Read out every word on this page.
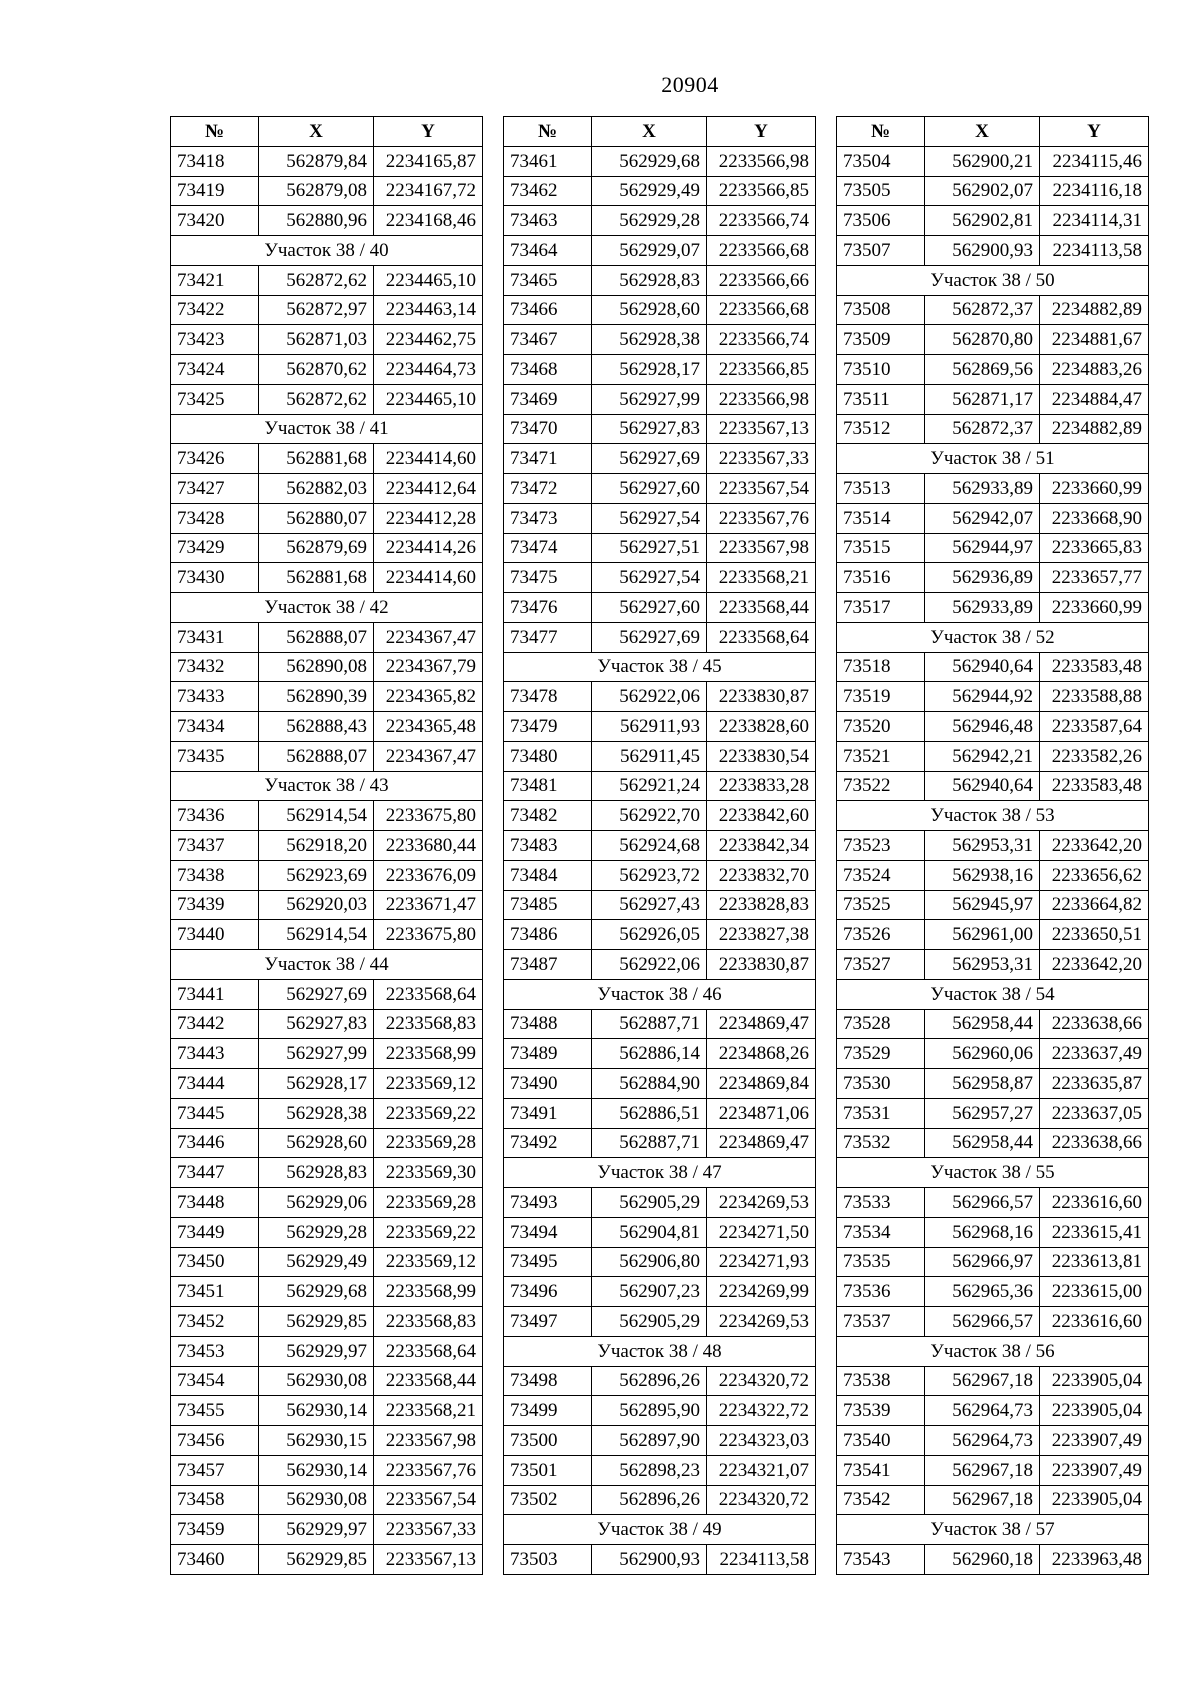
20904
№	X	Y
73418	562879,84	2234165,87
73419	562879,08	2234167,72
73420	562880,96	2234168,46
Участок 38 / 40		
73421	562872,62	2234465,10
73422	562872,97	2234463,14
73423	562871,03	2234462,75
73424	562870,62	2234464,73
73425	562872,62	2234465,10
Участок 38 / 41		
73426	562881,68	2234414,60
73427	562882,03	2234412,64
73428	562880,07	2234412,28
73429	562879,69	2234414,26
73430	562881,68	2234414,60
Участок 38 / 42		
73431	562888,07	2234367,47
73432	562890,08	2234367,79
73433	562890,39	2234365,82
73434	562888,43	2234365,48
73435	562888,07	2234367,47
Участок 38 / 43		
73436	562914,54	2233675,80
73437	562918,20	2233680,44
73438	562923,69	2233676,09
73439	562920,03	2233671,47
73440	562914,54	2233675,80
Участок 38 / 44		
73441	562927,69	2233568,64
73442	562927,83	2233568,83
73443	562927,99	2233568,99
73444	562928,17	2233569,12
73445	562928,38	2233569,22
73446	562928,60	2233569,28
73447	562928,83	2233569,30
73448	562929,06	2233569,28
73449	562929,28	2233569,22
73450	562929,49	2233569,12
73451	562929,68	2233568,99
73452	562929,85	2233568,83
73453	562929,97	2233568,64
73454	562930,08	2233568,44
73455	562930,14	2233568,21
73456	562930,15	2233567,98
73457	562930,14	2233567,76
73458	562930,08	2233567,54
73459	562929,97	2233567,33
73460	562929,85	2233567,13
№	X	Y
73461	562929,68	2233566,98
73462	562929,49	2233566,85
73463	562929,28	2233566,74
73464	562929,07	2233566,68
73465	562928,83	2233566,66
73466	562928,60	2233566,68
73467	562928,38	2233566,74
73468	562928,17	2233566,85
73469	562927,99	2233566,98
73470	562927,83	2233567,13
73471	562927,69	2233567,33
73472	562927,60	2233567,54
73473	562927,54	2233567,76
73474	562927,51	2233567,98
73475	562927,54	2233568,21
73476	562927,60	2233568,44
73477	562927,69	2233568,64
Участок 38 / 45		
73478	562922,06	2233830,87
73479	562911,93	2233828,60
73480	562911,45	2233830,54
73481	562921,24	2233833,28
73482	562922,70	2233842,60
73483	562924,68	2233842,34
73484	562923,72	2233832,70
73485	562927,43	2233828,83
73486	562926,05	2233827,38
73487	562922,06	2233830,87
Участок 38 / 46		
73488	562887,71	2234869,47
73489	562886,14	2234868,26
73490	562884,90	2234869,84
73491	562886,51	2234871,06
73492	562887,71	2234869,47
Участок 38 / 47		
73493	562905,29	2234269,53
73494	562904,81	2234271,50
73495	562906,80	2234271,93
73496	562907,23	2234269,99
73497	562905,29	2234269,53
Участок 38 / 48		
73498	562896,26	2234320,72
73499	562895,90	2234322,72
73500	562897,90	2234323,03
73501	562898,23	2234321,07
73502	562896,26	2234320,72
Участок 38 / 49		
73503	562900,93	2234113,58
№	X	Y
73504	562900,21	2234115,46
73505	562902,07	2234116,18
73506	562902,81	2234114,31
73507	562900,93	2234113,58
Участок 38 / 50		
73508	562872,37	2234882,89
73509	562870,80	2234881,67
73510	562869,56	2234883,26
73511	562871,17	2234884,47
73512	562872,37	2234882,89
Участок 38 / 51		
73513	562933,89	2233660,99
73514	562942,07	2233668,90
73515	562944,97	2233665,83
73516	562936,89	2233657,77
73517	562933,89	2233660,99
Участок 38 / 52		
73518	562940,64	2233583,48
73519	562944,92	2233588,88
73520	562946,48	2233587,64
73521	562942,21	2233582,26
73522	562940,64	2233583,48
Участок 38 / 53		
73523	562953,31	2233642,20
73524	562938,16	2233656,62
73525	562945,97	2233664,82
73526	562961,00	2233650,51
73527	562953,31	2233642,20
Участок 38 / 54		
73528	562958,44	2233638,66
73529	562960,06	2233637,49
73530	562958,87	2233635,87
73531	562957,27	2233637,05
73532	562958,44	2233638,66
Участок 38 / 55		
73533	562966,57	2233616,60
73534	562968,16	2233615,41
73535	562966,97	2233613,81
73536	562965,36	2233615,00
73537	562966,57	2233616,60
Участок 38 / 56		
73538	562967,18	2233905,04
73539	562964,73	2233905,04
73540	562964,73	2233907,49
73541	562967,18	2233907,49
73542	562967,18	2233905,04
Участок 38 / 57		
73543	562960,18	2233963,48
